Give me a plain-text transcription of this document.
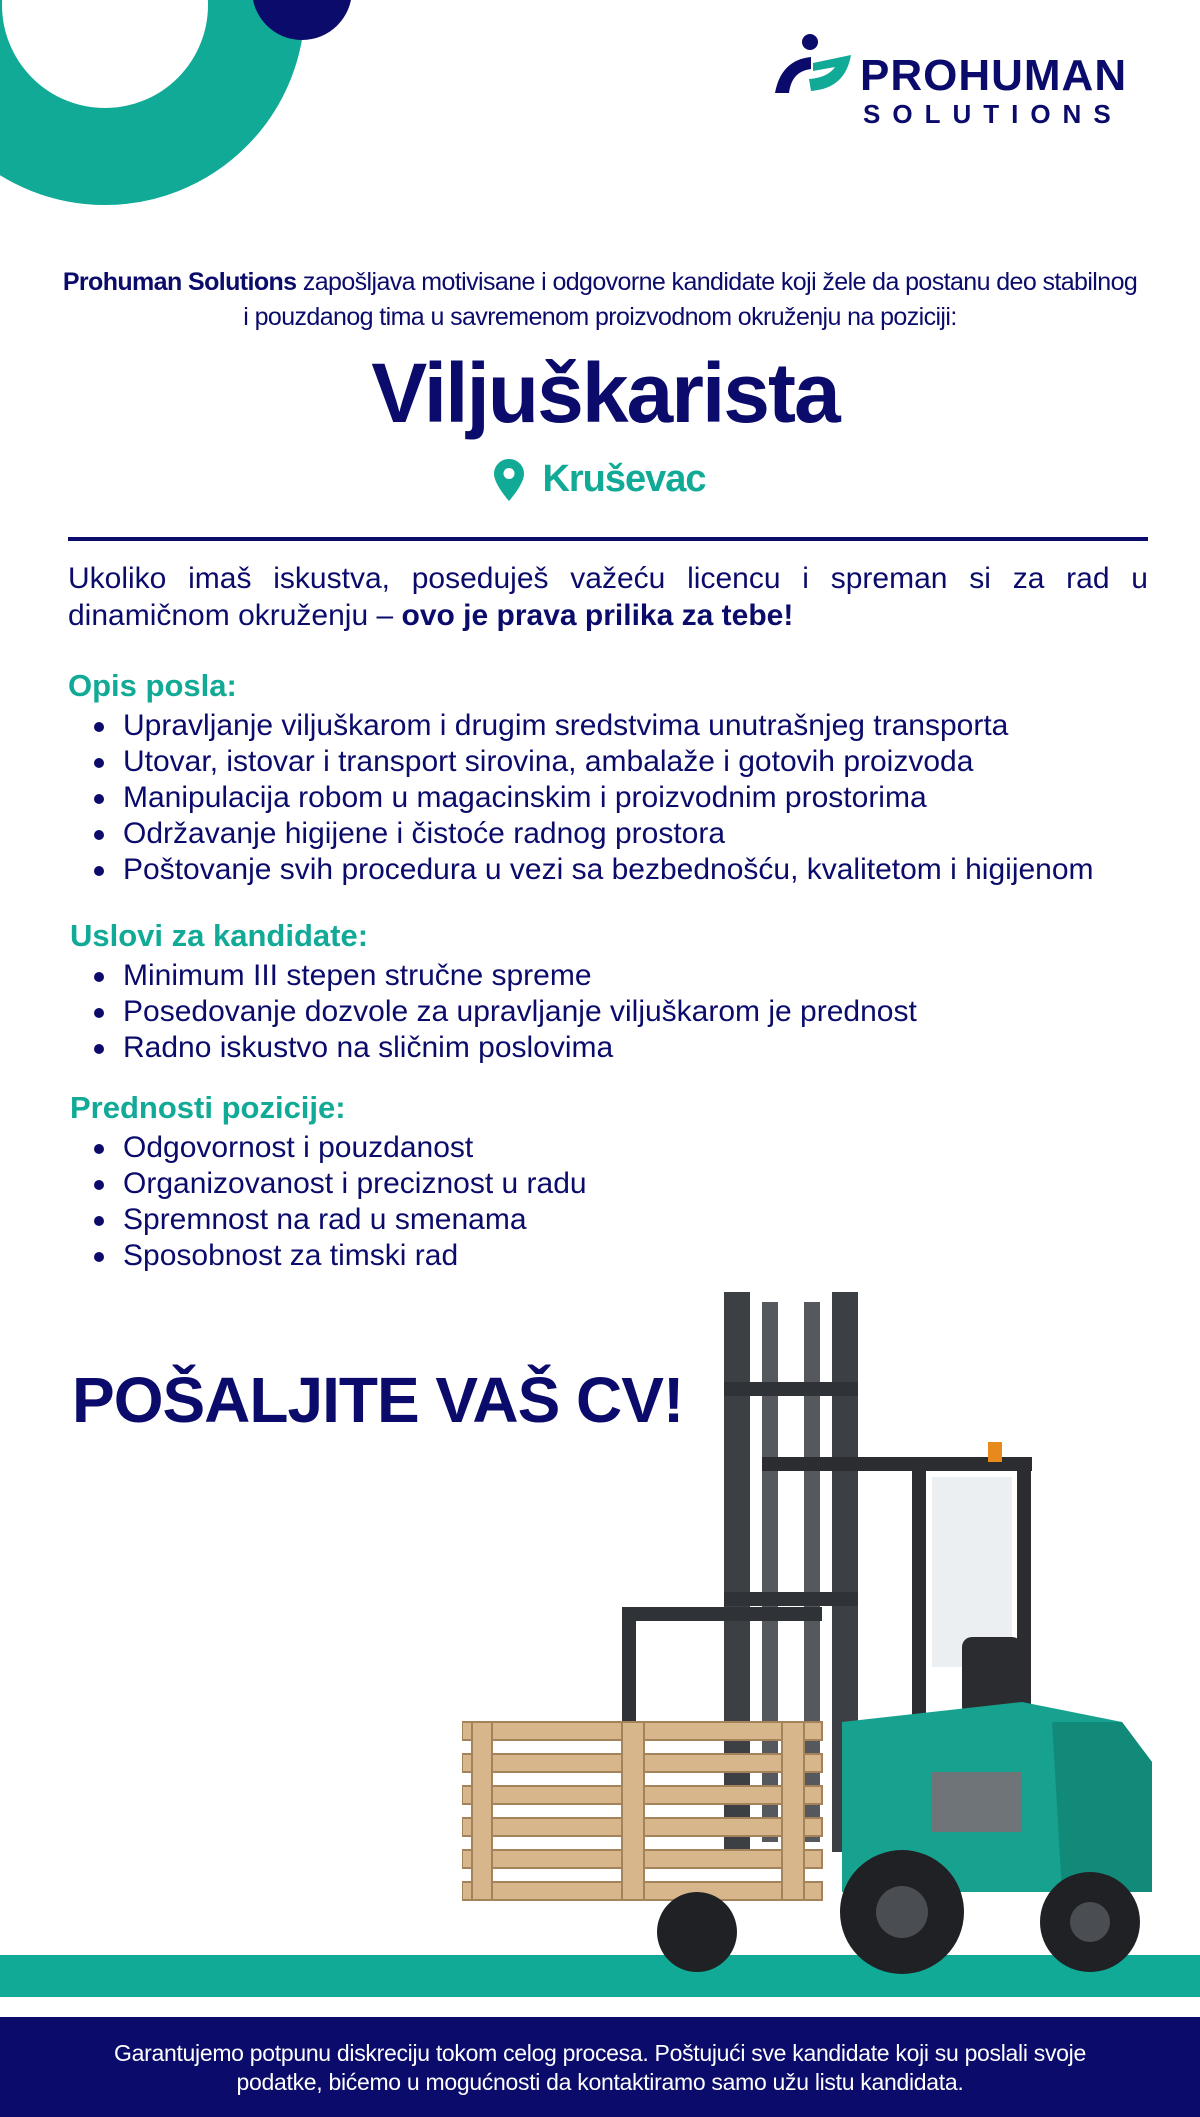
PROHUMAN
SOLUTIONS
Prohuman Solutions zapošljava motivisane i odgovorne kandidate koji žele da postanu deo stabilnog i pouzdanog tima u savremenom proizvodnom okruženju na poziciji:
Viljuškarista
Kruševac
Ukoliko imaš iskustva, poseduješ važeću licencu i spreman si za rad u dinamičnom okruženju – ovo je prava prilika za tebe!
Opis posla:
Upravljanje viljuškarom i drugim sredstvima unutrašnjeg transporta
Utovar, istovar i transport sirovina, ambalaže i gotovih proizvoda
Manipulacija robom u magacinskim i proizvodnim prostorima
Održavanje higijene i čistoće radnog prostora
Poštovanje svih procedura u vezi sa bezbednošću, kvalitetom i higijenom
Uslovi za kandidate:
Minimum III stepen stručne spreme
Posedovanje dozvole za upravljanje viljuškarom je prednost
Radno iskustvo na sličnim poslovima
Prednosti pozicije:
Odgovornost i pouzdanost
Organizovanost i preciznost u radu
Spremnost na rad u smenama
Sposobnost za timski rad
POŠALJITE VAŠ CV!
Garantujemo potpunu diskreciju tokom celog procesa. Poštujući sve kandidate koji su poslali svoje podatke, bićemo u mogućnosti da kontaktiramo samo užu listu kandidata.
